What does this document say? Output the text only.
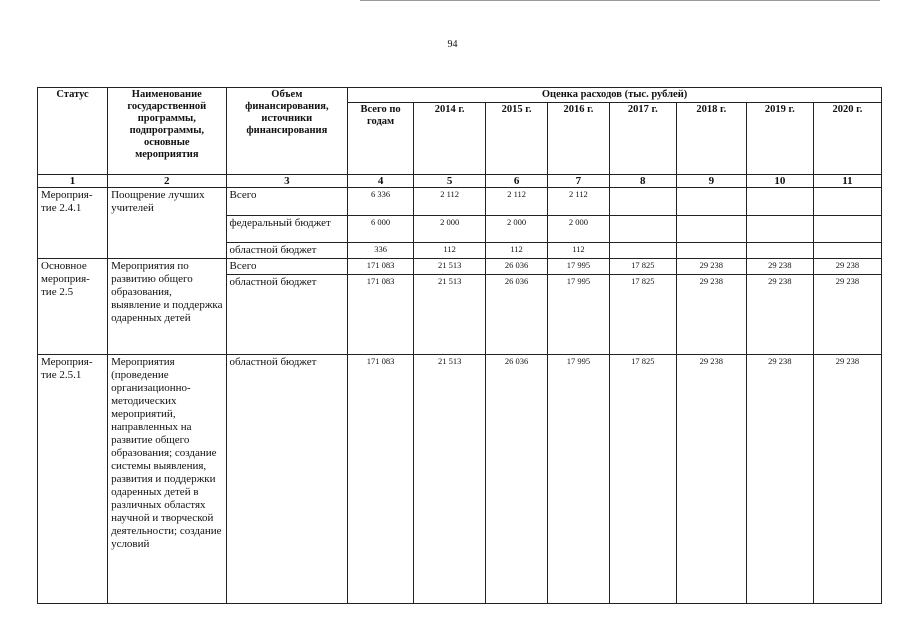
94
Статус	Наименование государственной программы, подпрограммы, основные мероприятия	Объем финансирования, источники финансирования	Оценка расходов (тыс. рублей)							
			Всего по годам	2014 г.	2015 г.	2016 г.	2017 г.	2018 г.	2019 г.	2020 г.
1	2	3	4	5	6	7	8	9	10	11
Мероприя-тие 2.4.1	Поощрение лучших учителей	Всего	6 336	2 112	2 112	2 112				
		федеральный бюджет	6 000	2 000	2 000	2 000				
		областной бюджет	336	112	112	112				
Основное мероприя-тие 2.5	Мероприятия по развитию общего образования, выявление и поддержка одаренных детей	Всего	171 083	21 513	26 036	17 995	17 825	29 238	29 238	29 238
		областной бюджет	171 083	21 513	26 036	17 995	17 825	29 238	29 238	29 238
Мероприя-тие 2.5.1	Мероприятия (проведение организационно-методических мероприятий, направленных на развитие общего образования; создание системы выявления, развития и поддержки одаренных детей в различных областях научной и творческой деятельности; создание условий	областной бюджет	171 083	21 513	26 036	17 995	17 825	29 238	29 238	29 238
